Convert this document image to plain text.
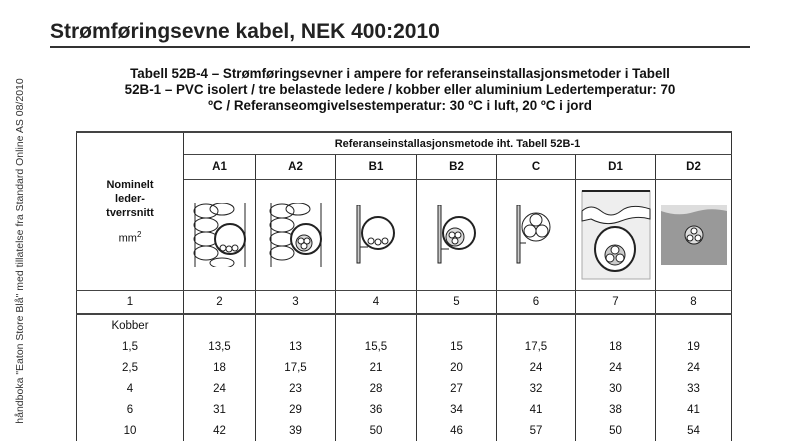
Strømføringsevne kabel, NEK 400:2010
håndboka "Eaton Store Blå" med tillatelse fra Standard Online AS 08/2010
Tabell 52B-4 – Strømføringsevner i ampere for referanseinstallasjonsmetoder i Tabell
52B-1 – PVC isolert / tre belastede ledere / kobber eller aluminium Ledertemperatur: 70
ºC / Referanseomgivelsestemperatur: 30 ºC i luft, 20 ºC i jord
Nominelt
leder-
tverrsnitt
$mm^2$	Referanseinstallasjonsmetode iht. Tabell 52B-1						
	A1	A2	B1	B2	C	D1	D2

1	2	3	4	5	6	7	8
Kobber							
1,5	13,5	13	15,5	15	17,5	18	19
2,5	18	17,5	21	20	24	24	24
4	24	23	28	27	32	30	33
6	31	29	36	34	41	38	41
10	42	39	50	46	57	50	54
